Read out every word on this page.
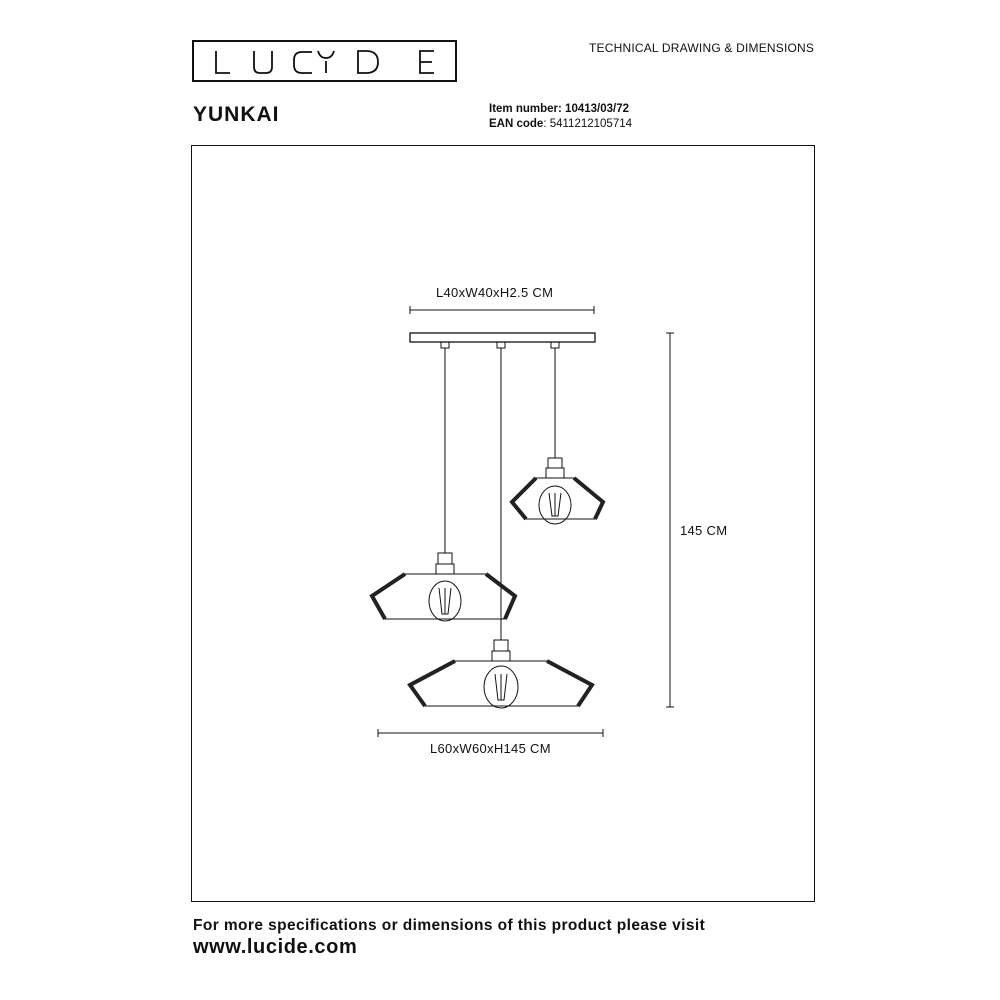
TECHNICAL DRAWING & DIMENSIONS
YUNKAI	Item number: 10413/03/72
EAN code: 5411212105714
L40xW40xH2.5 CM
145 CM
L60xW60xH145 CM
For more specifications or dimensions of this product please visit
www.lucide.com
